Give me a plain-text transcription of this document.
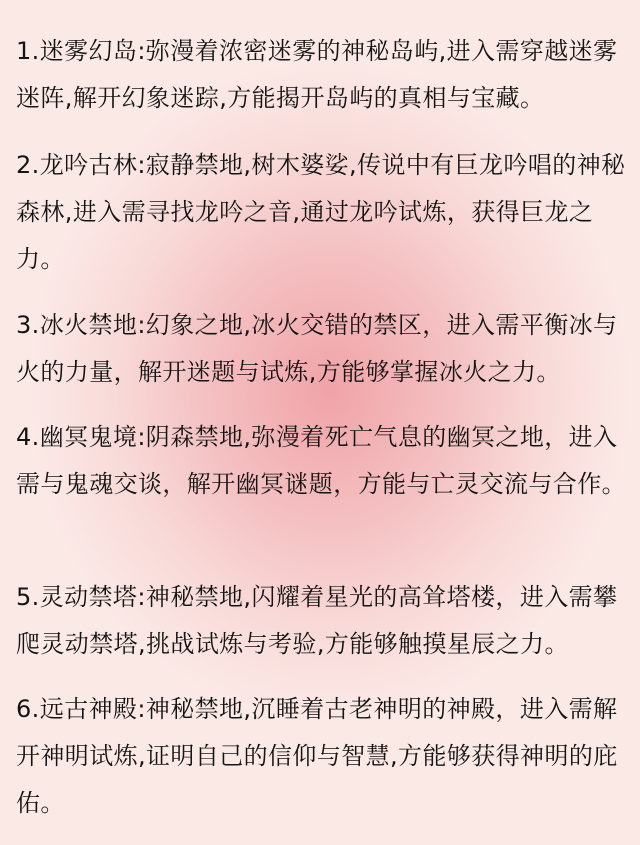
1.迷雾幻岛:弥漫着浓密迷雾的神秘岛屿,进入需穿越迷雾迷阵,解开幻象迷踪,方能揭开岛屿的真相与宝藏。

2.龙吟古林:寂静禁地,树木婆娑,传说中有巨龙吟唱的神秘森林,进入需寻找龙吟之音,通过龙吟试炼，获得巨龙之力。

3.冰火禁地:幻象之地,冰火交错的禁区，进入需平衡冰与火的力量，解开迷题与试炼,方能够掌握冰火之力。

4.幽冥鬼境:阴森禁地,弥漫着死亡气息的幽冥之地，进入需与鬼魂交谈，解开幽冥谜题，方能与亡灵交流与合作。

5.灵动禁塔:神秘禁地,闪耀着星光的高耸塔楼，进入需攀爬灵动禁塔,挑战试炼与考验,方能够触摸星辰之力。

6.远古神殿:神秘禁地,沉睡着古老神明的神殿，进入需解开神明试炼,证明自己的信仰与智慧,方能够获得神明的庇佑。
